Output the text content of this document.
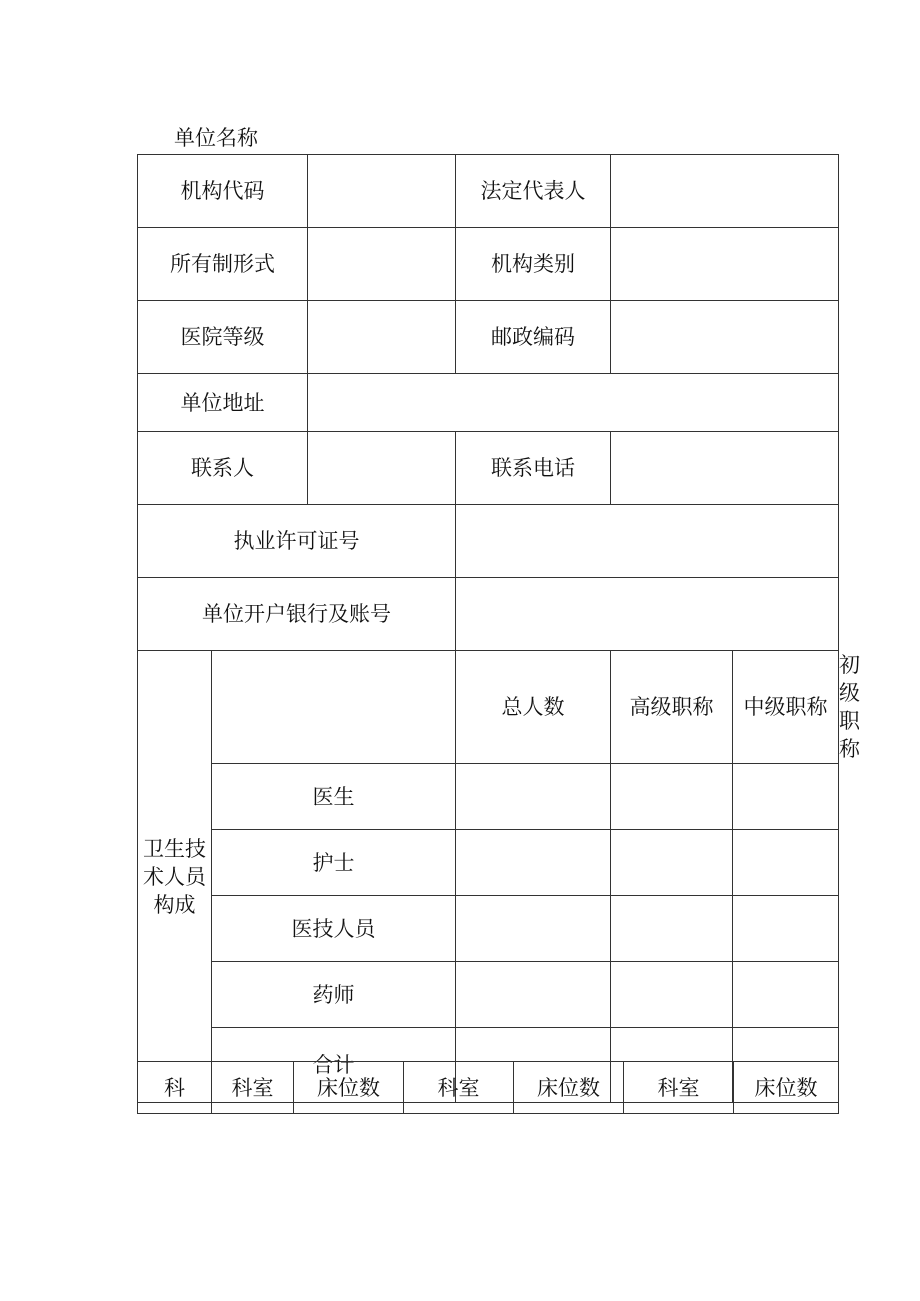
单位名称
机构代码			法定代表人			
所有制形式			机构类别			
医院等级			邮政编码			
单位地址						
联系人			联系电话			
执业许可证号						
单位开户银行及账号						

卫生技
术人员
构成			总人数	高级职称	中级职称	初级职称
	医生					
	护士					
	医技人员					
	药师					
	合计					
科	科室	床位数	科室	床位数	科室	床位数
